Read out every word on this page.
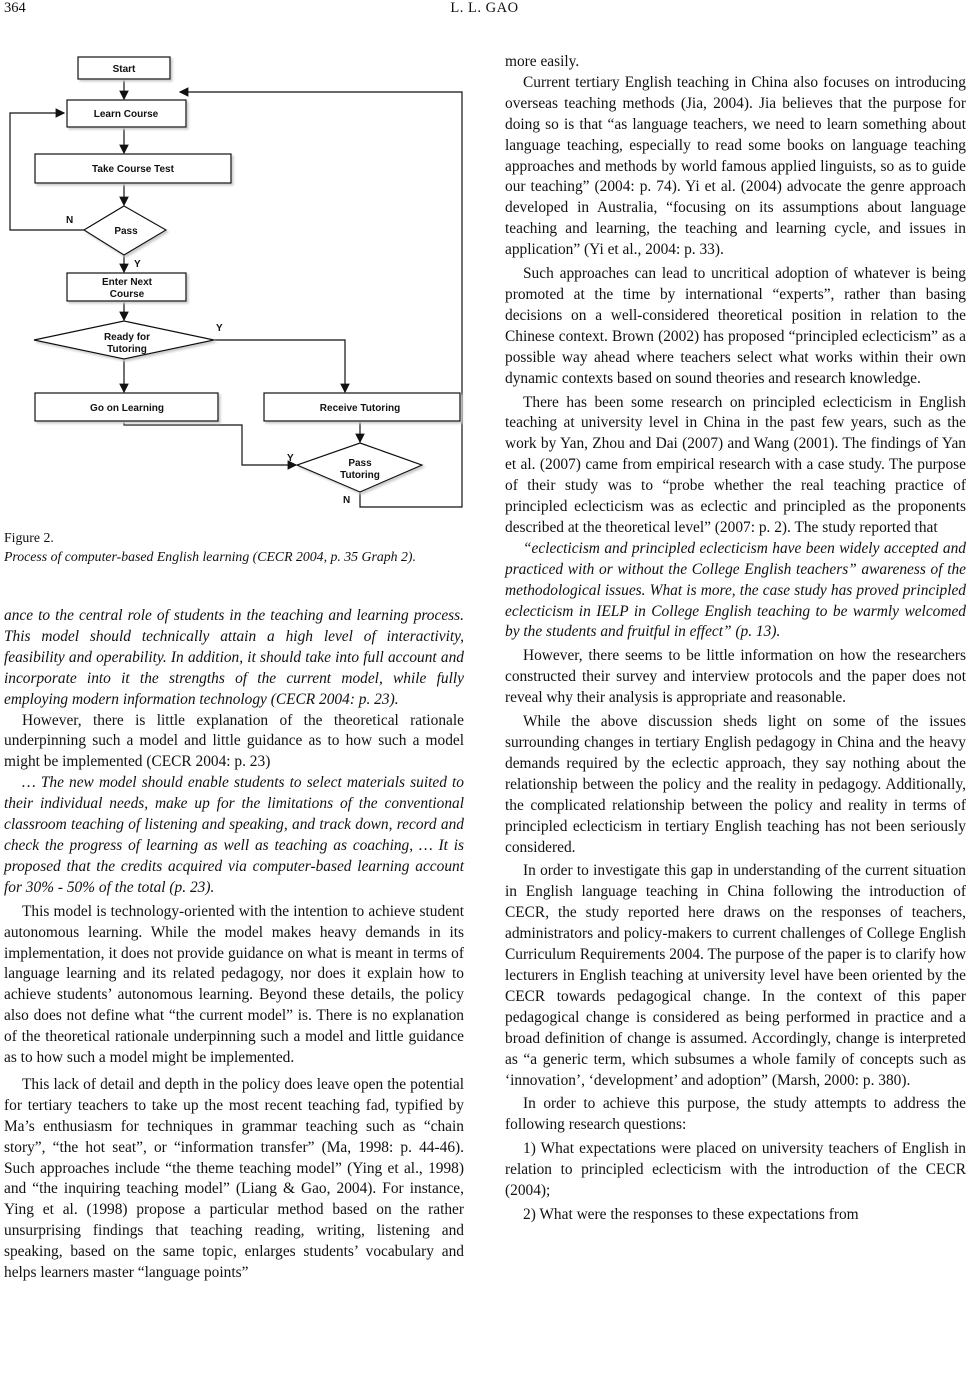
364	L. L. GAO
Start
Learn Course
Take Course Test
Pass
Enter Next
Course
Ready for
Tutoring
Go on Learning	Receive Tutoring
Pass
Tutoring
N
Y
Y
Y
N

Figure 2.

Process of computer-based English learning (CECR 2004, p. 35 Graph 2).

ance to the central role of students in the teaching and learning process. This model should technically attain a high level of interactivity, feasibility and operability. In addition, it should take into full account and incorporate into it the strengths of the current model, while fully employing modern information technology (CECR 2004: p. 23).

However, there is little explanation of the theoretical rationale underpinning such a model and little guidance as to how such a model might be implemented (CECR 2004: p. 23)

… The new model should enable students to select materials suited to their individual needs, make up for the limitations of the conventional classroom teaching of listening and speaking, and track down, record and check the progress of learning as well as teaching as coaching, … It is proposed that the credits acquired via computer-based learning account for 30% - 50% of the total (p. 23).

This model is technology-oriented with the intention to achieve student autonomous learning. While the model makes heavy demands in its implementation, it does not provide guidance on what is meant in terms of language learning and its related pedagogy, nor does it explain how to achieve students’ autonomous learning. Beyond these details, the policy also does not define what “the current model” is. There is no explanation of the theoretical rationale underpinning such a model and little guidance as to how such a model might be implemented.

This lack of detail and depth in the policy does leave open the potential for tertiary teachers to take up the most recent teaching fad, typified by Ma’s enthusiasm for techniques in grammar teaching such as “chain story”, “the hot seat”, or “information transfer” (Ma, 1998: p. 44-46). Such approaches include “the theme teaching model” (Ying et al., 1998) and “the inquiring teaching model” (Liang & Gao, 2004). For instance, Ying et al. (1998) propose a particular method based on the rather unsurprising findings that teaching reading, writing, listening and speaking, based on the same topic, enlarges students’ vocabulary and helps learners master “language points”

more easily.

Current tertiary English teaching in China also focuses on introducing overseas teaching methods (Jia, 2004). Jia believes that the purpose for doing so is that “as language teachers, we need to learn something about language teaching, especially to read some books on language teaching approaches and methods by world famous applied linguists, so as to guide our teaching” (2004: p. 74). Yi et al. (2004) advocate the genre approach developed in Australia, “focusing on its assumptions about language teaching and learning, the teaching and learning cycle, and issues in application” (Yi et al., 2004: p. 33).

Such approaches can lead to uncritical adoption of whatever is being promoted at the time by international “experts”, rather than basing decisions on a well-considered theoretical position in relation to the Chinese context. Brown (2002) has proposed “principled eclecticism” as a possible way ahead where teachers select what works within their own dynamic contexts based on sound theories and research knowledge.

There has been some research on principled eclecticism in English teaching at university level in China in the past few years, such as the work by Yan, Zhou and Dai (2007) and Wang (2001). The findings of Yan et al. (2007) came from empirical research with a case study. The purpose of their study was to “probe whether the real teaching practice of principled eclecticism was as eclectic and principled as the proponents described at the theoretical level” (2007: p. 2). The study reported that

“eclecticism and principled eclecticism have been widely accepted and practiced with or without the College English teachers” awareness of the methodological issues. What is more, the case study has proved principled eclecticism in IELP in College English teaching to be warmly welcomed by the students and fruitful in effect” (p. 13).

However, there seems to be little information on how the researchers constructed their survey and interview protocols and the paper does not reveal why their analysis is appropriate and reasonable.

While the above discussion sheds light on some of the issues surrounding changes in tertiary English pedagogy in China and the heavy demands required by the eclectic approach, they say nothing about the relationship between the policy and the reality in pedagogy. Additionally, the complicated relationship between the policy and reality in terms of principled eclecticism in tertiary English teaching has not been seriously considered.

In order to investigate this gap in understanding of the current situation in English language teaching in China following the introduction of CECR, the study reported here draws on the responses of teachers, administrators and policy-makers to current challenges of College English Curriculum Requirements 2004. The purpose of the paper is to clarify how lecturers in English teaching at university level have been oriented by the CECR towards pedagogical change. In the context of this paper pedagogical change is considered as being performed in practice and a broad definition of change is assumed. Accordingly, change is interpreted as “a generic term, which subsumes a whole family of concepts such as ‘innovation’, ‘development’ and adoption” (Marsh, 2000: p. 380).

In order to achieve this purpose, the study attempts to address the following research questions:

1) What expectations were placed on university teachers of English in relation to principled eclecticism with the introduction of the CECR (2004);

2) What were the responses to these expectations from
